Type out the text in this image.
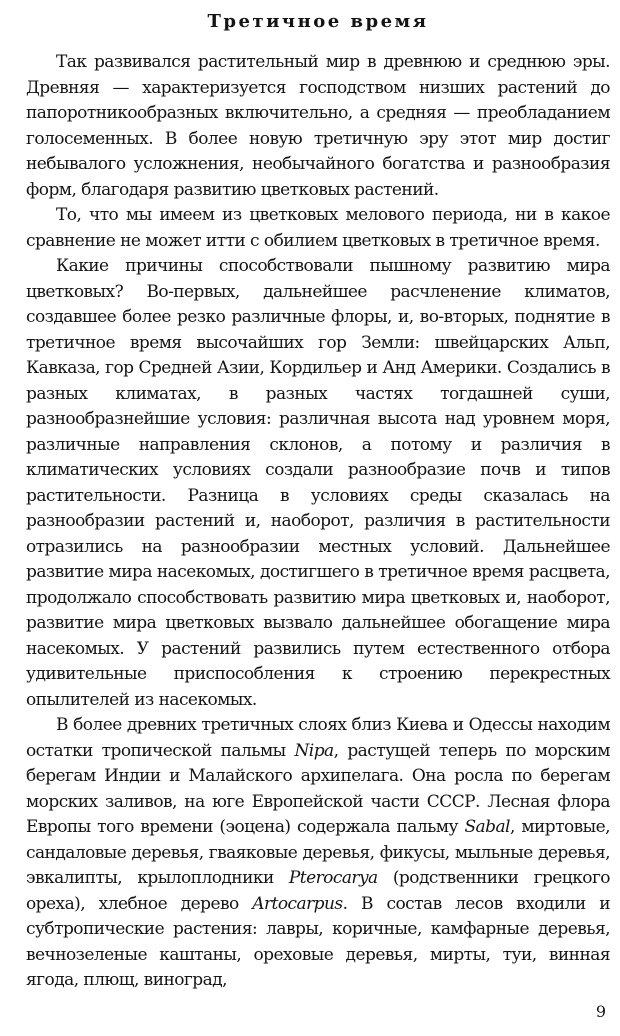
Третичное время

Так развивался растительный мир в древнюю и среднюю эры. Древняя — характеризуется господством низших растений до папоротникообразных включительно, а средняя — преобладанием голосеменных. В более новую третичную эру этот мир достиг небывалого усложнения, необычайного богатства и разнообразия форм, благодаря развитию цветковых растений.

То, что мы имеем из цветковых мелового периода, ни в какое сравнение не может итти с обилием цветковых в третичное время.

Какие причины способствовали пышному развитию мира цветковых? Во-первых, дальнейшее расчленение климатов, создавшее более резко различные флоры, и, во-вторых, поднятие в третичное время высочайших гор Земли: швейцарских Альп, Кавказа, гор Средней Азии, Кордильер и Анд Америки. Создались в разных климатах, в разных частях тогдашней суши, разнообразнейшие условия: различная высота над уровнем моря, различные направления склонов, а потому и различия в климатических условиях создали разнообразие почв и типов растительности. Разница в условиях среды сказалась на разнообразии растений и, наоборот, различия в растительности отразились на разнообразии местных условий. Дальнейшее развитие мира насекомых, достигшего в третичное время расцвета, продолжало способствовать развитию мира цветковых и, наоборот, развитие мира цветковых вызвало дальнейшее обогащение мира насекомых. У растений развились путем естественного отбора удивительные приспособления к строению перекрестных опылителей из насекомых.

В более древних третичных слоях близ Киева и Одессы находим остатки тропической пальмы Nipa, растущей теперь по морским берегам Индии и Малайского архипелага. Она росла по берегам морских заливов, на юге Европейской части СССР. Лесная флора Европы того времени (эоцена) содержала пальму Sabal, миртовые, сандаловые деревья, гваяковые деревья, фикусы, мыльные деревья, эвкалипты, крылоплодники Pterocarya (родственники грецкого ореха), хлебное дерево Artocarpus. В состав лесов входили и субтропические растения: лавры, коричные, камфарные деревья, вечнозеленые каштаны, ореховые деревья, мирты, туи, винная ягода, плющ, виноград,

9
